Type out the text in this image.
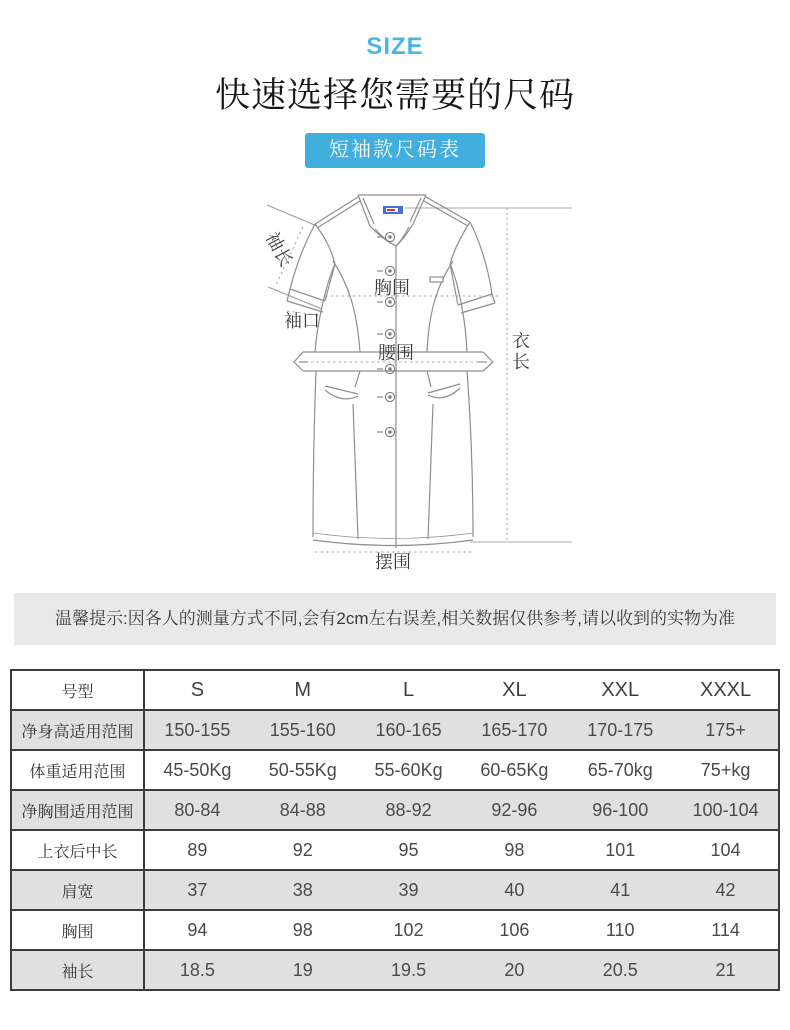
SIZE
快速选择您需要的尺码
短袖款尺码表
袖长
袖口
胸围
腰围	衣长
摆围
温馨提示:因各人的测量方式不同,会有2cm左右误差,相关数据仅供参考,请以收到的实物为准
号型	S	M	L	XL	XXL	XXXL
净身高适用范围	150-155	155-160	160-165	165-170	170-175	175+
体重适用范围	45-50Kg	50-55Kg	55-60Kg	60-65Kg	65-70kg	75+kg
净胸围适用范围	80-84	84-88	88-92	92-96	96-100	100-104
上衣后中长	89	92	95	98	101	104
肩宽	37	38	39	40	41	42
胸围	94	98	102	106	110	114
袖长	18.5	19	19.5	20	20.5	21
